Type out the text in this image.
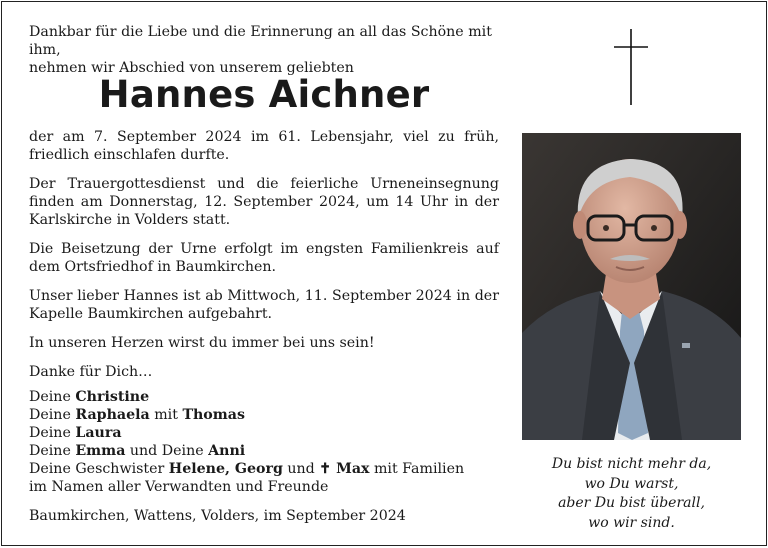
Dankbar für die Liebe und die Erinnerung an all das Schöne mit ihm,

nehmen wir Abschied von unserem geliebten

Hannes Aichner

der am 7. September 2024 im 61. Lebensjahr, viel zu früh, friedlich einschlafen durfte.

Der Trauergottesdienst und die feierliche Urneneinsegnung finden am Donnerstag, 12. September 2024, um 14 Uhr in der Karlskirche in Volders statt.

Die Beisetzung der Urne erfolgt im engsten Familienkreis auf dem Ortsfriedhof in Baumkirchen.

Unser lieber Hannes ist ab Mittwoch, 11. September 2024 in der Kapelle Baumkirchen aufgebahrt.

In unseren Herzen wirst du immer bei uns sein!

Danke für Dich…

Deine Christine
Deine Raphaela mit Thomas
Deine Laura
Deine Emma und Deine Anni
Deine Geschwister Helene, Georg und ✝ Max mit Familien
im Namen aller Verwandten und Freunde

Baumkirchen, Wattens, Volders, im September 2024

Du bist nicht mehr da,
wo Du warst,
aber Du bist überall,
wo wir sind.
